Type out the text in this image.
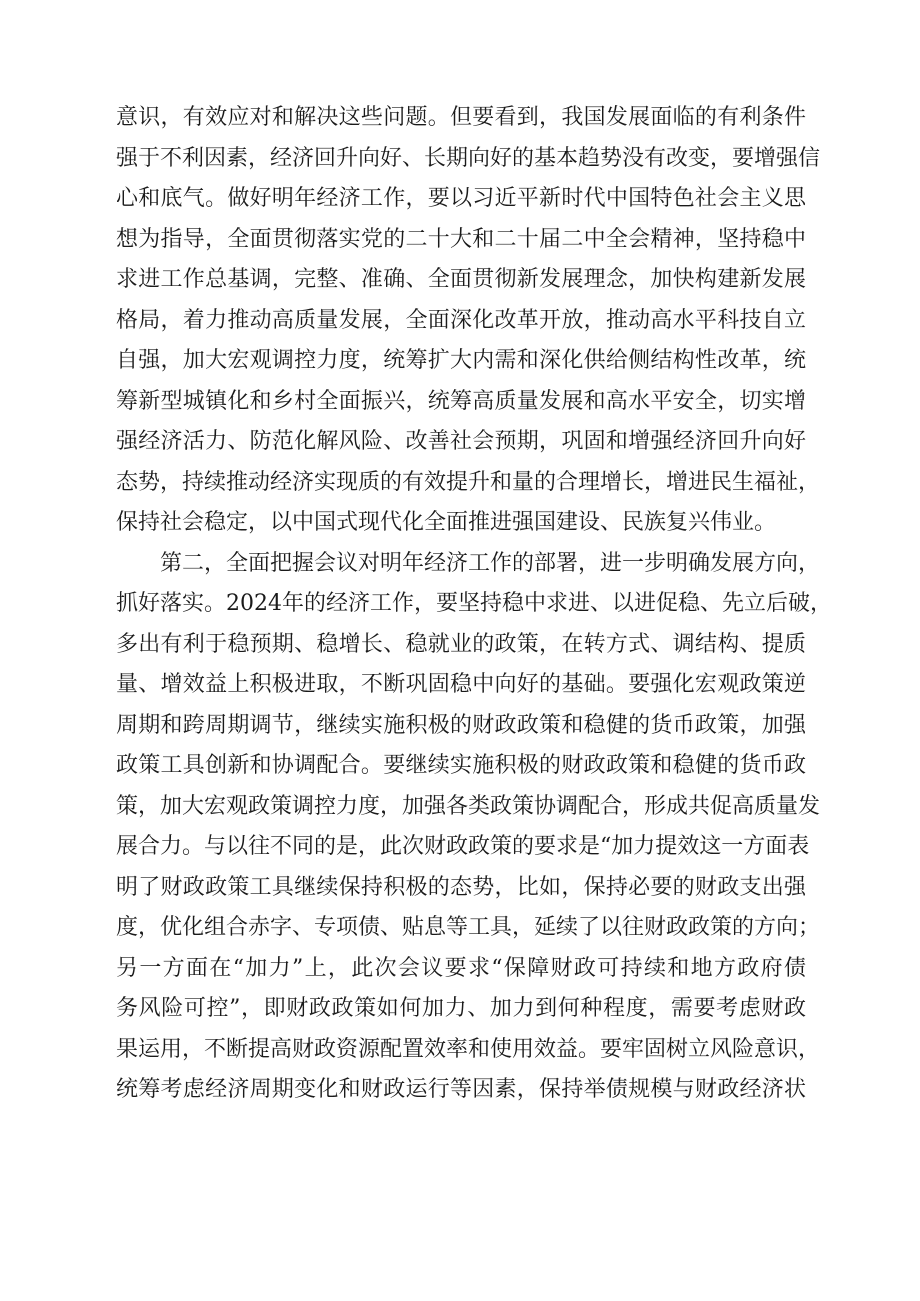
意识，有效应对和解决这些问题。但要看到，我国发展面临的有利条件
强于不利因素，经济回升向好、长期向好的基本趋势没有改变，要增强信
心和底气。做好明年经济工作，要以习近平新时代中国特色社会主义思
想为指导，全面贯彻落实党的二十大和二十届二中全会精神，坚持稳中
求进工作总基调，完整、准确、全面贯彻新发展理念，加快构建新发展
格局，着力推动高质量发展，全面深化改革开放，推动高水平科技自立
自强，加大宏观调控力度，统筹扩大内需和深化供给侧结构性改革，统
筹新型城镇化和乡村全面振兴，统筹高质量发展和高水平安全，切实增
强经济活力、防范化解风险、改善社会预期，巩固和增强经济回升向好
态势，持续推动经济实现质的有效提升和量的合理增长，增进民生福祉，
保持社会稳定，以中国式现代化全面推进强国建设、民族复兴伟业。
第二，全面把握会议对明年经济工作的部署，进一步明确发展方向，
抓好落实。2024年的经济工作，要坚持稳中求进、以进促稳、先立后破，
多出有利于稳预期、稳增长、稳就业的政策，在转方式、调结构、提质
量、增效益上积极进取，不断巩固稳中向好的基础。要强化宏观政策逆
周期和跨周期调节，继续实施积极的财政政策和稳健的货币政策，加强
政策工具创新和协调配合。要继续实施积极的财政政策和稳健的货币政
策，加大宏观政策调控力度，加强各类政策协调配合，形成共促高质量发
展合力。与以往不同的是，此次财政政策的要求是“加力提效这一方面表
明了财政政策工具继续保持积极的态势，比如，保持必要的财政支出强
度，优化组合赤字、专项债、贴息等工具，延续了以往财政政策的方向；
另一方面在“加力”上，此次会议要求“保障财政可持续和地方政府债
务风险可控”，即财政政策如何加力、加力到何种程度，需要考虑财政
果运用，不断提高财政资源配置效率和使用效益。要牢固树立风险意识，
统筹考虑经济周期变化和财政运行等因素，保持举债规模与财政经济状
